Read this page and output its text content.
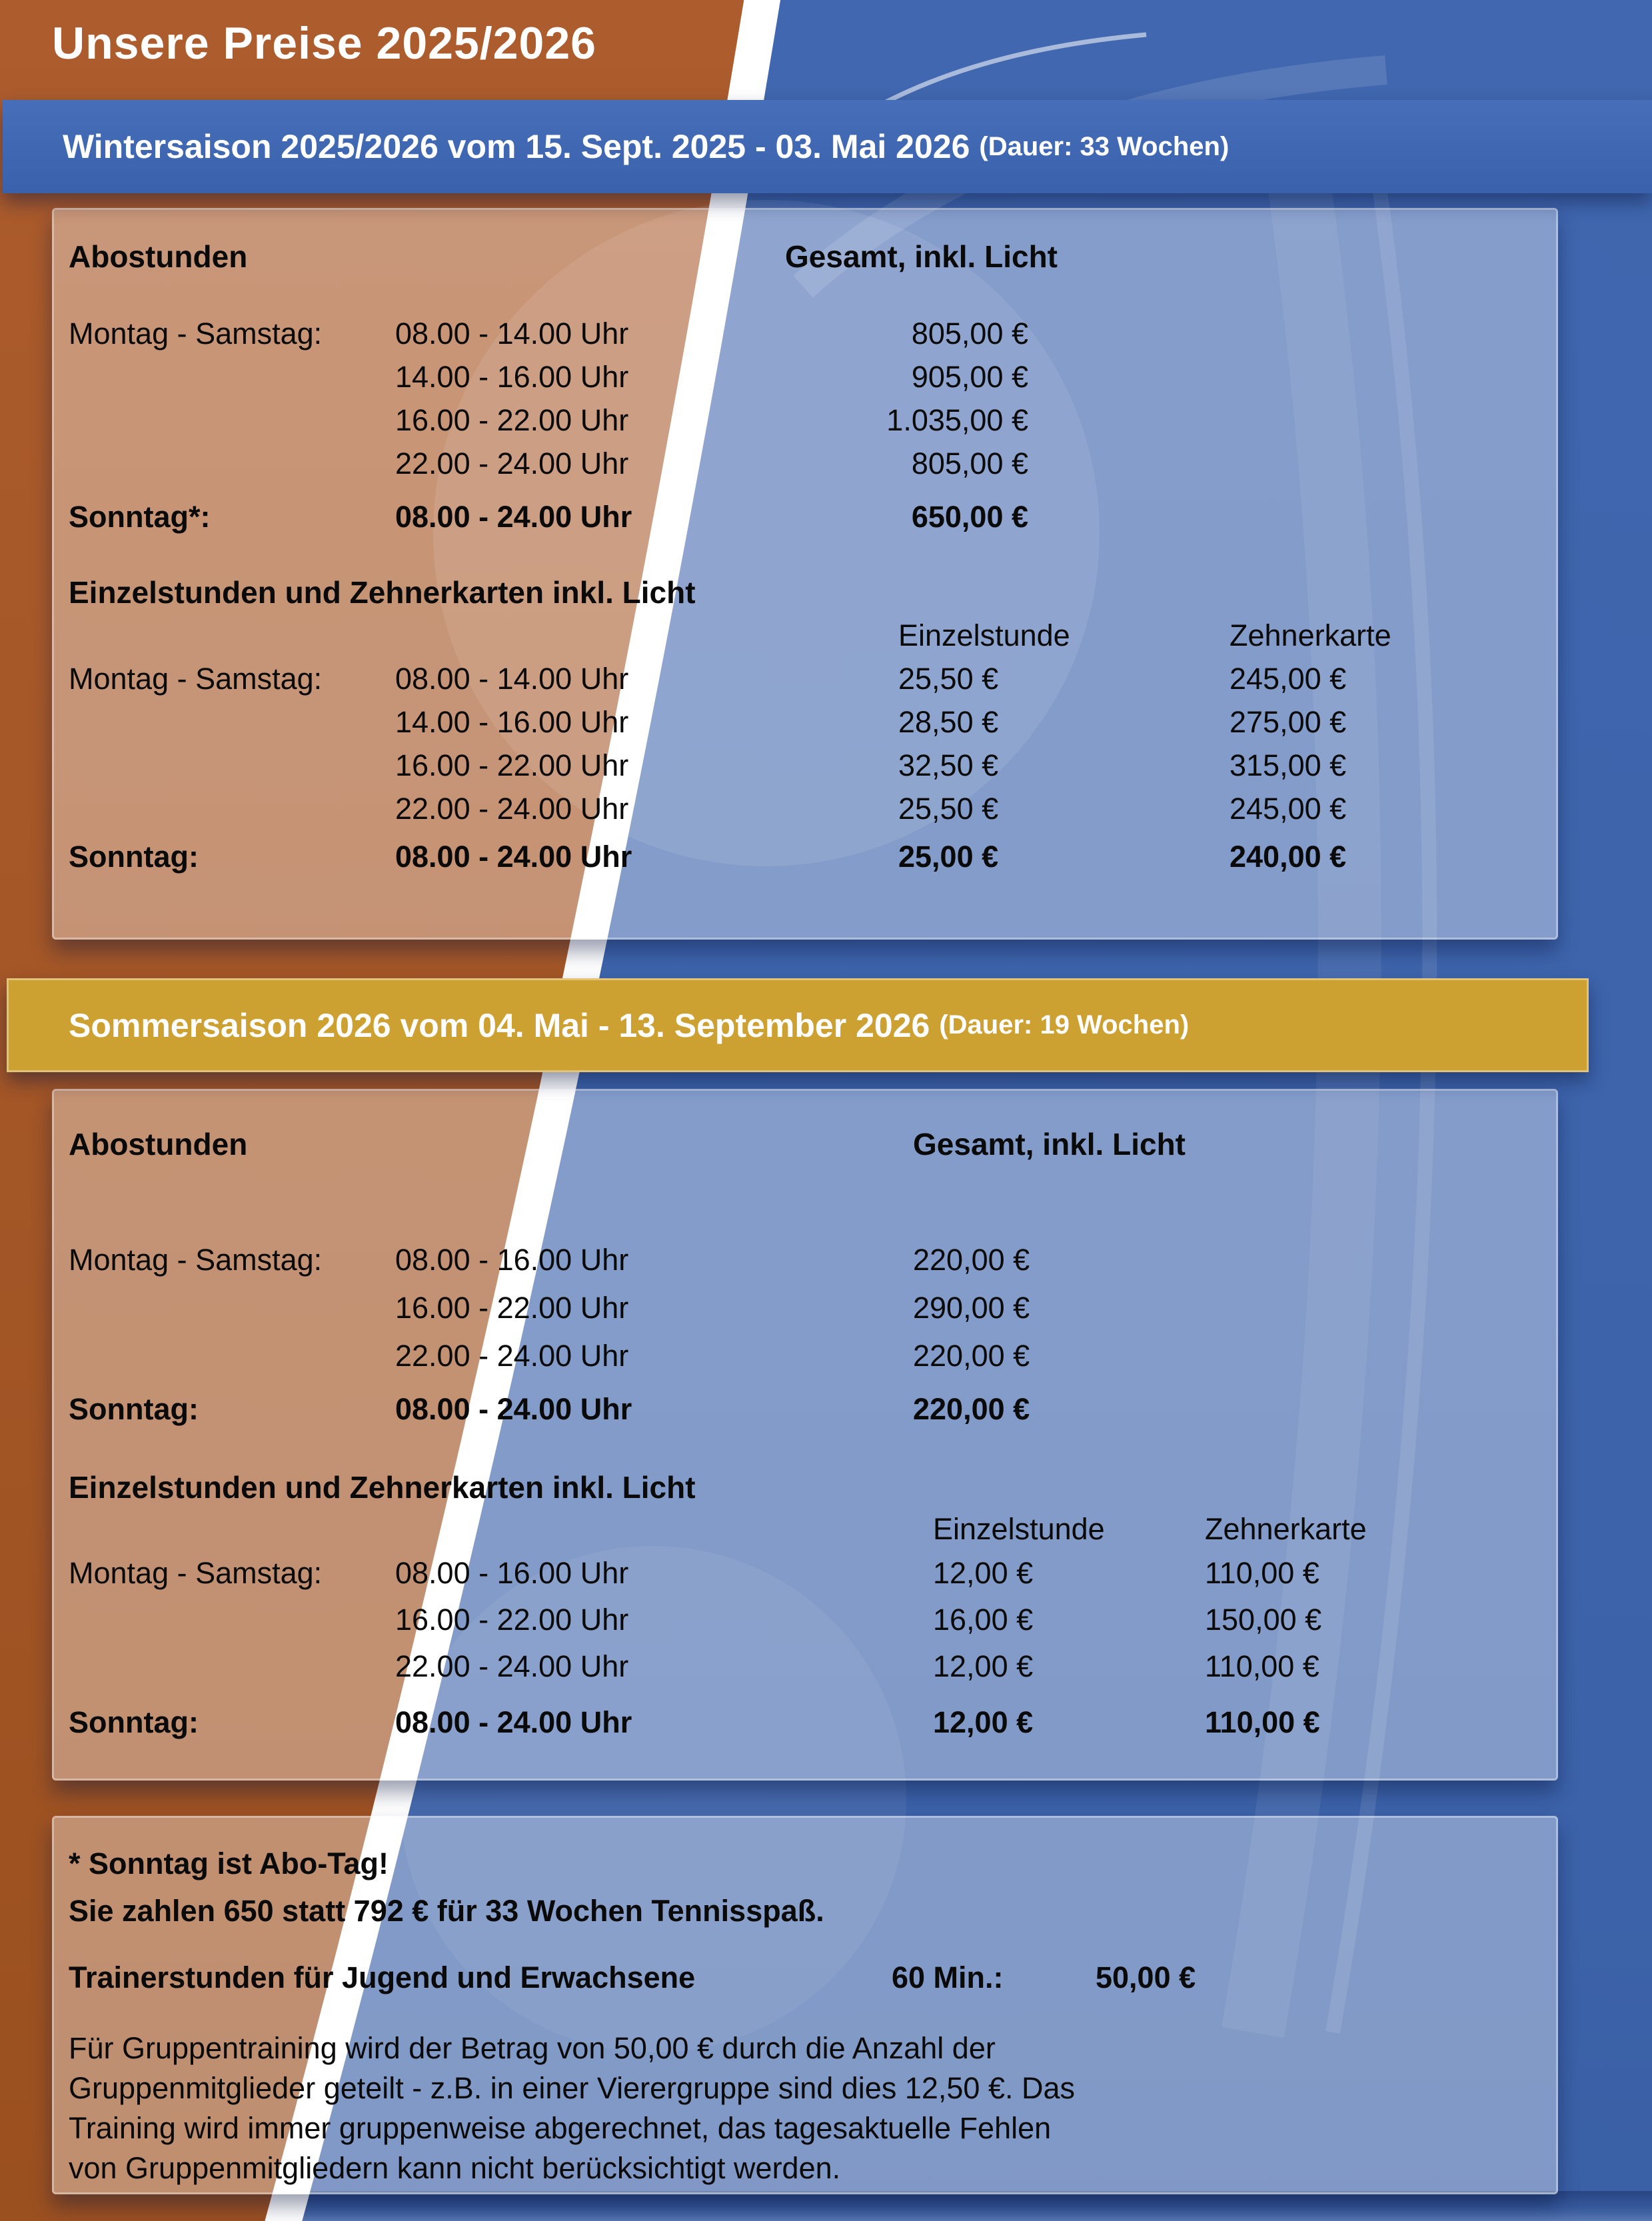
Unsere Preise 2025/2026
Wintersaison 2025/2026 vom 15. Sept. 2025 - 03. Mai 2026 (Dauer: 33 Wochen)
Abostunden	Gesamt, inkl. Licht
Montag - Samstag: 08.00 - 14.00 Uhr	805,00 €
14.00 - 16.00 Uhr	905,00 €
16.00 - 22.00 Uhr	1.035,00 €
22.00 - 24.00 Uhr	805,00 €
Sonntag*:	08.00 - 24.00 Uhr	650,00 €
Einzelstunden und Zehnerkarten inkl. Licht
Einzelstunde	Zehnerkarte
Montag - Samstag: 08.00 - 14.00 Uhr	25,50 €	245,00 €
14.00 - 16.00 Uhr	28,50 €	275,00 €
16.00 - 22.00 Uhr	32,50 €	315,00 €
22.00 - 24.00 Uhr	25,50 €	245,00 €
Sonntag:	08.00 - 24.00 Uhr	25,00 €	240,00 €
Sommersaison 2026 vom 04. Mai - 13. September 2026 (Dauer: 19 Wochen)
Abostunden	Gesamt, inkl. Licht
Montag - Samstag: 08.00 - 16.00 Uhr	220,00 €
16.00 - 22.00 Uhr	290,00 €
22.00 - 24.00 Uhr	220,00 €
Sonntag:	08.00 - 24.00 Uhr	220,00 €
Einzelstunden und Zehnerkarten inkl. Licht
Einzelstunde	Zehnerkarte
Montag - Samstag: 08.00 - 16.00 Uhr	12,00 €	110,00 €
16.00 - 22.00 Uhr	16,00 €	150,00 €
22.00 - 24.00 Uhr	12,00 €	110,00 €
Sonntag:	08.00 - 24.00 Uhr	12,00 €	110,00 €
* Sonntag ist Abo-Tag!
Sie zahlen 650 statt 792 € für 33 Wochen Tennisspaß.
Trainerstunden für Jugend und Erwachsene	60 Min.:	50,00 €
Für Gruppentraining wird der Betrag von 50,00 € durch die Anzahl der
Gruppenmitglieder geteilt - z.B. in einer Vierergruppe sind dies 12,50 €. Das
Training wird immer gruppenweise abgerechnet, das tagesaktuelle Fehlen
von Gruppenmitgliedern kann nicht berücksichtigt werden.
